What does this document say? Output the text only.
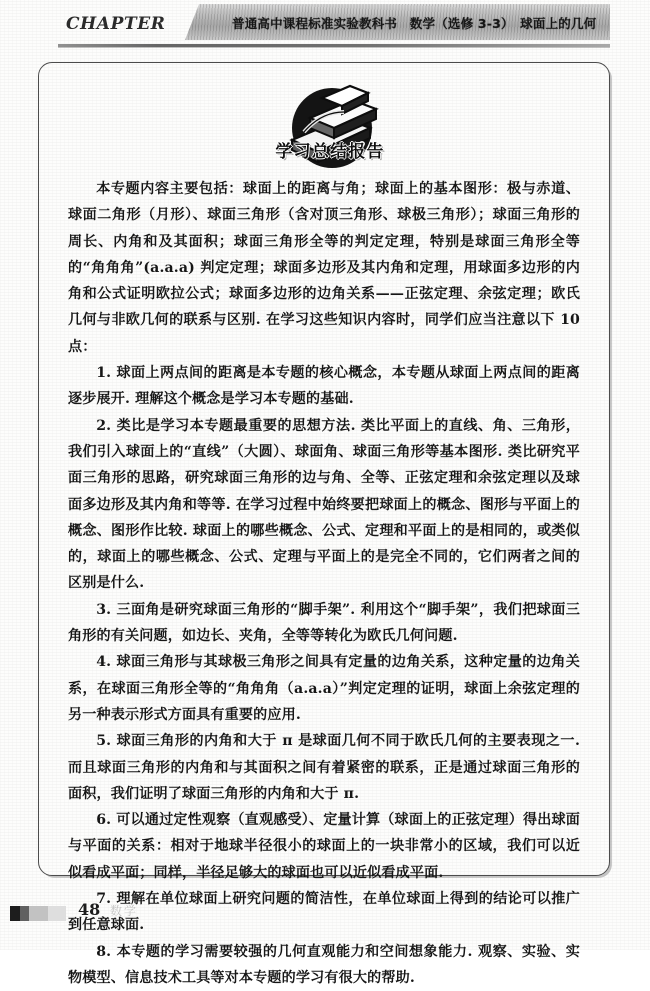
CHAPTER	普通高中课程标准实验教科书　数学（选修 3-3）　球面上的几何
学习总结报告

本专题内容主要包括：球面上的距离与角；球面上的基本图形：极与赤道、球面二角形（月形）、球面三角形（含对顶三角形、球极三角形）；球面三角形的周长、内角和及其面积；球面三角形全等的判定定理，特别是球面三角形全等的“角角角”(a.a.a) 判定定理；球面多边形及其内角和定理，用球面多边形的内角和公式证明欧拉公式；球面多边形的边角关系——正弦定理、余弦定理；欧氏几何与非欧几何的联系与区别. 在学习这些知识内容时，同学们应当注意以下 10 点：

1. 球面上两点间的距离是本专题的核心概念，本专题从球面上两点间的距离逐步展开. 理解这个概念是学习本专题的基础.

2. 类比是学习本专题最重要的思想方法. 类比平面上的直线、角、三角形，我们引入球面上的“直线”（大圆）、球面角、球面三角形等基本图形. 类比研究平面三角形的思路，研究球面三角形的边与角、全等、正弦定理和余弦定理以及球面多边形及其内角和等等. 在学习过程中始终要把球面上的概念、图形与平面上的概念、图形作比较. 球面上的哪些概念、公式、定理和平面上的是相同的，或类似的，球面上的哪些概念、公式、定理与平面上的是完全不同的，它们两者之间的区别是什么.

3. 三面角是研究球面三角形的“脚手架”. 利用这个“脚手架”，我们把球面三角形的有关问题，如边长、夹角，全等等转化为欧氏几何问题.

4. 球面三角形与其球极三角形之间具有定量的边角关系，这种定量的边角关系，在球面三角形全等的“角角角（a.a.a）”判定定理的证明，球面上余弦定理的另一种表示形式方面具有重要的应用.

5. 球面三角形的内角和大于 π 是球面几何不同于欧氏几何的主要表现之一. 而且球面三角形的内角和与其面积之间有着紧密的联系，正是通过球面三角形的面积，我们证明了球面三角形的内角和大于 π.

6. 可以通过定性观察（直观感受）、定量计算（球面上的正弦定理）得出球面与平面的关系：相对于地球半径很小的球面上的一块非常小的区域，我们可以近似看成平面；同样，半径足够大的球面也可以近似看成平面.

7. 理解在单位球面上研究问题的简洁性，在单位球面上得到的结论可以推广到任意球面.

8. 本专题的学习需要较强的几何直观能力和空间想象能力. 观察、实验、实物模型、信息技术工具等对本专题的学习有很大的帮助.

48 数学
